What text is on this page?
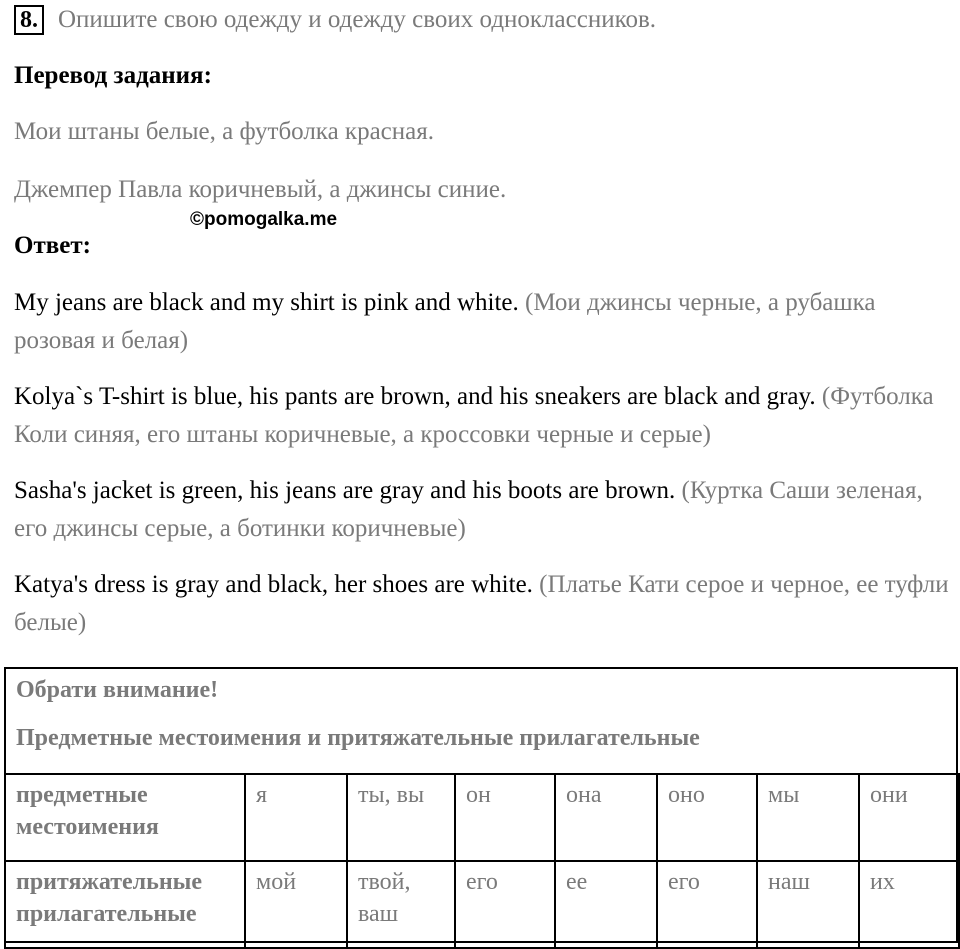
8. Опишите свою одежду и одежду своих одноклассников.
Перевод задания:
Мои штаны белые, а футболка красная.
Джемпер Павла коричневый, а джинсы синие.
©pomogalka.me
Ответ:

My jeans are black and my shirt is pink and white. (Мои джинсы черные, а рубашка розовая и белая)

Kolya`s T-shirt is blue, his pants are brown, and his sneakers are black and gray. (Футболка Коли синяя, его штаны коричневые, а кроссовки черные и серые)

Sasha's jacket is green, his jeans are gray and his boots are brown. (Куртка Саши зеленая, его джинсы серые, а ботинки коричневые)

Katya's dress is gray and black, her shoes are white. (Платье Кати серое и черное, ее туфли белые)

Обрати внимание!
Предметные местоимения и притяжательные прилагательные
предметные местоимения	я	ты, вы	он	она	оно	мы	они
притяжательные прилагательные	мой	твой, ваш	его	ее	его	наш	их
